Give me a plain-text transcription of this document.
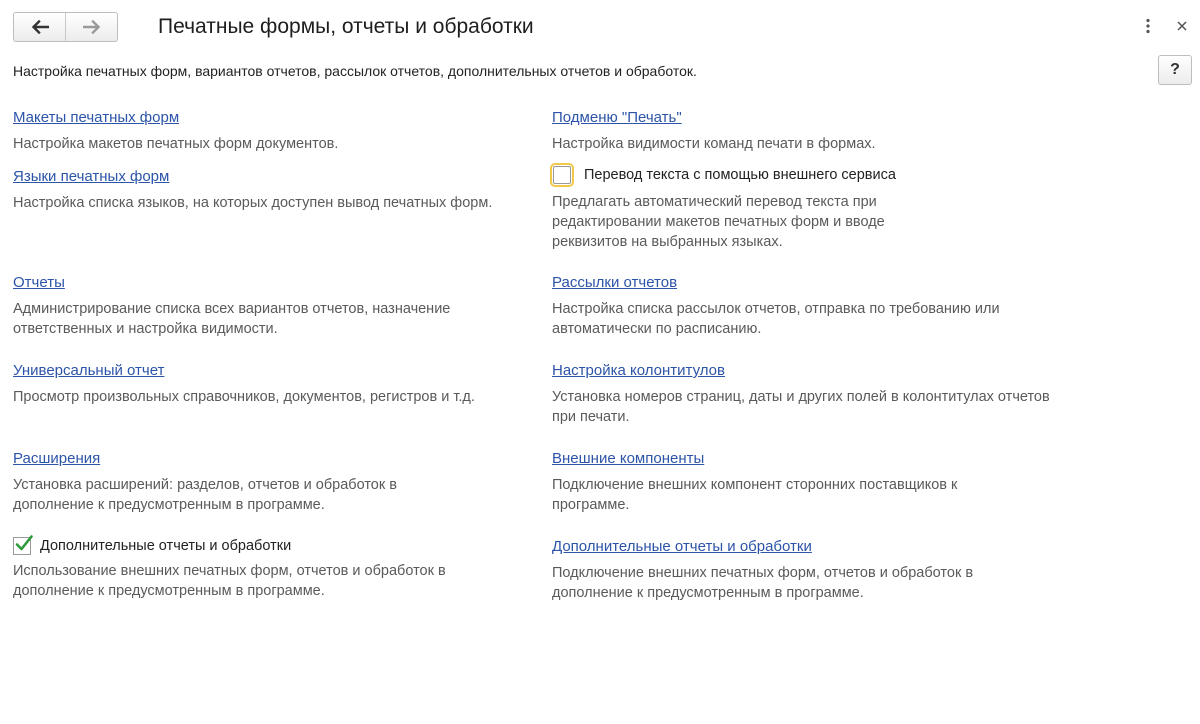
Печатные формы, отчеты и обработки
Настройка печатных форм, вариантов отчетов, рассылок отчетов, дополнительных отчетов и обработок.	?
Макеты печатных форм
Настройка макетов печатных форм документов.
Языки печатных форм
Настройка списка языков, на которых доступен вывод печатных форм.
Отчеты
Администрирование списка всех вариантов отчетов, назначение ответственных и настройка видимости.
Универсальный отчет
Просмотр произвольных справочников, документов, регистров и т.д.
Расширения
Установка расширений: разделов, отчетов и обработок в дополнение к предусмотренным в программе.
Дополнительные отчеты и обработки
Использование внешних печатных форм, отчетов и обработок в дополнение к предусмотренным в программе.
Подменю "Печать"
Настройка видимости команд печати в формах.
Перевод текста с помощью внешнего сервиса
Предлагать автоматический перевод текста при редактировании макетов печатных форм и вводе реквизитов на выбранных языках.
Рассылки отчетов
Настройка списка рассылок отчетов, отправка по требованию или автоматически по расписанию.
Настройка колонтитулов
Установка номеров страниц, даты и других полей в колонтитулах отчетов при печати.
Внешние компоненты
Подключение внешних компонент сторонних поставщиков к программе.
Дополнительные отчеты и обработки
Подключение внешних печатных форм, отчетов и обработок в дополнение к предусмотренным в программе.
